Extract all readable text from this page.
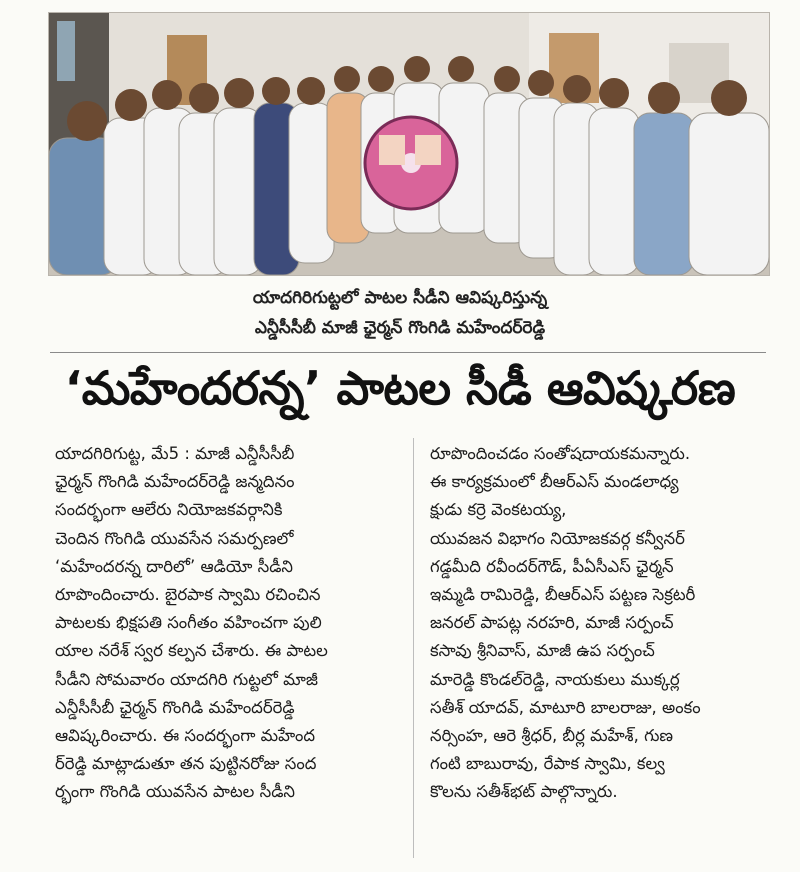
యాదగిరిగుట్టలో పాటల సీడీని ఆవిష్కరిస్తున్న
ఎన్డీసీసీబీ మాజీ ఛైర్మన్ గొంగిడి మహేందర్‌రెడ్డి
‘మహేందరన్న’ పాటల సీడీ ఆవిష్కరణ

యాదగిరిగుట్ట, మే5 : మాజీ ఎన్డీసీసీబీ

ఛైర్మన్ గొంగిడి మహేందర్‌రెడ్డి జన్మదినం

సందర్భంగా ఆలేరు నియోజకవర్గానికి

చెందిన గొంగిడి యువసేన సమర్పణలో

‘మహేందరన్న దారిలో’ ఆడియో సీడీని

రూపొందించారు. బైరపాక స్వామి రచించిన

పాటలకు భిక్షపతి సంగీతం వహించగా పులి

యాల నరేశ్ స్వర కల్పన చేశారు. ఈ పాటల

సీడీని సోమవారం యాదగిరి గుట్టలో మాజీ

ఎన్డీసీసీబీ ఛైర్మన్ గొంగిడి మహేందర్‌రెడ్డి

ఆవిష్కరించారు. ఈ సందర్భంగా మహేంద

ర్‌రెడ్డి మాట్లాడుతూ తన పుట్టినరోజు సంద

ర్భంగా గొంగిడి యువసేన పాటల సీడీని

రూపొందించడం సంతోషదాయకమన్నారు.

ఈ కార్యక్రమంలో బీఆర్‌ఎస్ మండలాధ్య

క్షుడు కర్రె వెంకటయ్య,

యువజన విభాగం నియోజకవర్గ కన్వీనర్

గడ్డమీది రవీందర్‌గౌడ్, పీఏసీఎస్ ఛైర్మన్

ఇమ్మడి రామిరెడ్డి, బీఆర్‌ఎస్ పట్టణ సెక్రటరీ

జనరల్ పాపట్ల నరహరి, మాజీ సర్పంచ్

కసావు శ్రీనివాస్, మాజీ ఉప సర్పంచ్

మారెడ్డి కొండల్‌రెడ్డి, నాయకులు ముక్కర్ల

సతీశ్ యాదవ్, మాటూరి బాలరాజు, అంకం

నర్సింహ, ఆరె శ్రీధర్, బీర్ల మహేశ్, గుణ

గంటి బాబురావు, రేపాక స్వామి, కల్వ

కొలను సతీశ్‌భట్ పాల్గొన్నారు.
